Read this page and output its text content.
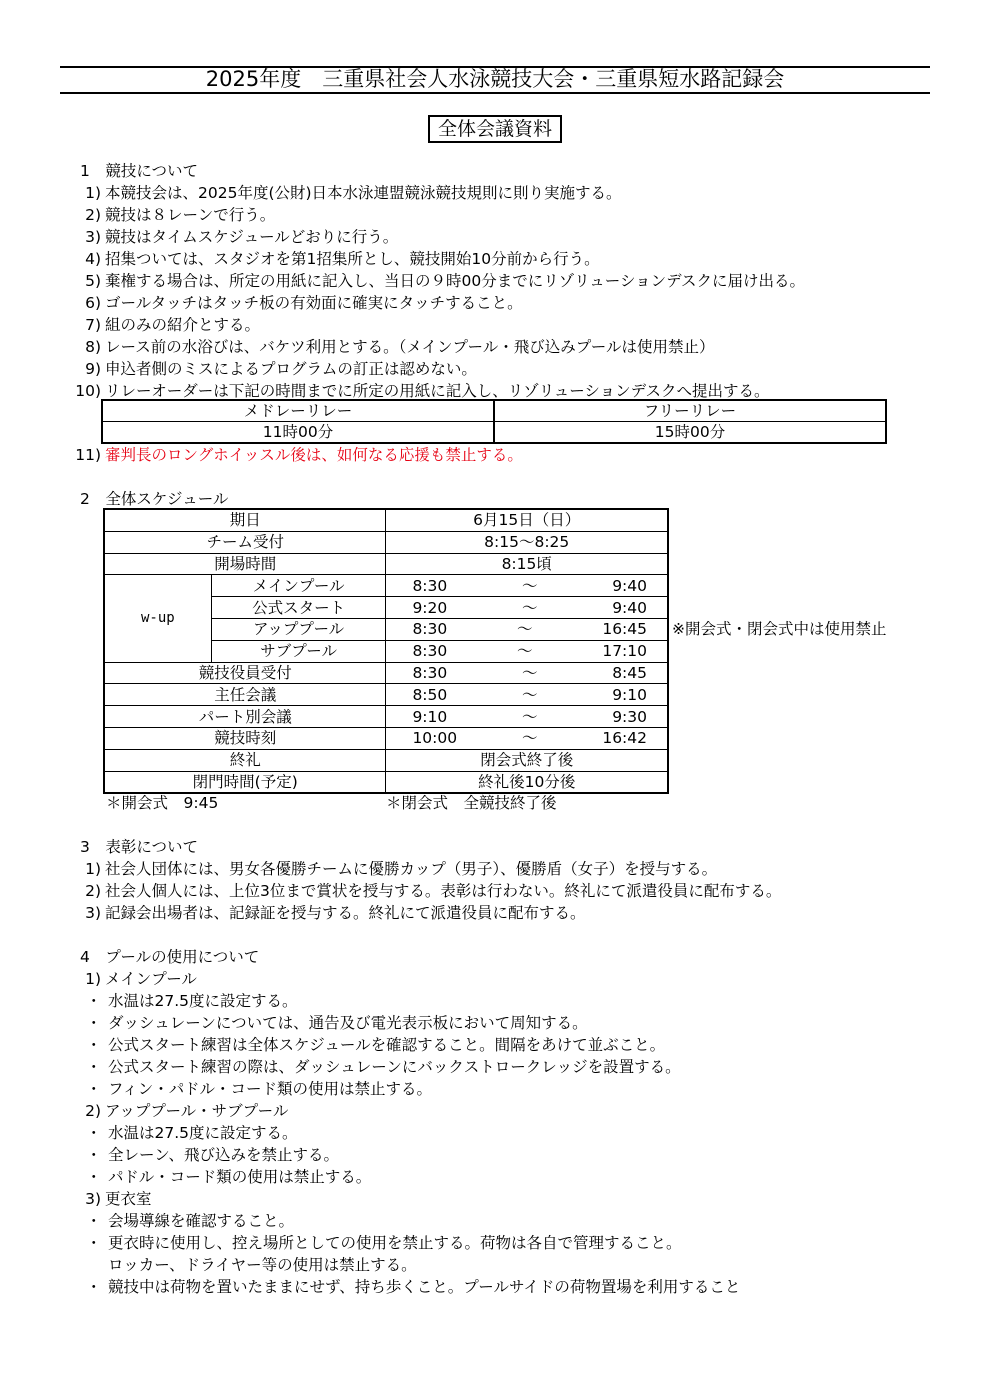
2025年度　三重県社会人水泳競技大会・三重県短水路記録会
全体会議資料
1　競技について
1) 本競技会は、2025年度(公財)日本水泳連盟競泳競技規則に則り実施する。
2) 競技は８レーンで行う。
3) 競技はタイムスケジュールどおりに行う。
4) 招集ついては、スタジオを第1招集所とし、競技開始10分前から行う。
5) 棄権する場合は、所定の用紙に記入し、当日の９時00分までにリゾリューションデスクに届け出る。
6) ゴールタッチはタッチ板の有効面に確実にタッチすること。
7) 組のみの紹介とする。
8) レース前の水浴びは、バケツ利用とする。（メインプール・飛び込みプールは使用禁止）
9) 申込者側のミスによるプログラムの訂正は認めない。
10) リレーオーダーは下記の時間までに所定の用紙に記入し、リゾリューションデスクへ提出する。
メドレーリレー	フリーリレー
11時00分	15時00分
11) 審判長のロングホイッスル後は、如何なる応援も禁止する。
2　全体スケジュール
期日		6月15日（日）
チーム受付		8:15～8:25
開場時間		8:15頃
w-up	メインプール	8:30 ～ 9:40

	公式スタート	9:20 ～ 9:40

	アッププール	8:30 ～ 16:45

	サブプール	8:30 ～ 17:10

競技役員受付		8:30 ～ 8:45

主任会議		8:50 ～ 9:10

パート別会議		9:10 ～ 9:30

競技時刻		10:00 ～ 16:42

終礼		閉会式終了後
閉門時間(予定)		終礼後10分後
※開会式・閉会式中は使用禁止
＊開会式　9:45	＊閉会式　全競技終了後
3　表彰について
1) 社会人団体には、男女各優勝チームに優勝カップ（男子）、優勝盾（女子）を授与する。
2) 社会人個人には、上位3位まで賞状を授与する。表彰は行わない。終礼にて派遣役員に配布する。
3) 記録会出場者は、記録証を授与する。終礼にて派遣役員に配布する。
4　プールの使用について
1) メインプール
・ 水温は27.5度に設定する。
・ ダッシュレーンについては、通告及び電光表示板において周知する。
・ 公式スタート練習は全体スケジュールを確認すること。間隔をあけて並ぶこと。
・ 公式スタート練習の際は、ダッシュレーンにバックストロークレッジを設置する。
・ フィン・パドル・コード類の使用は禁止する。
2) アッププール・サブプール
・ 水温は27.5度に設定する。
・ 全レーン、飛び込みを禁止する。
・ パドル・コード類の使用は禁止する。
3) 更衣室
・ 会場導線を確認すること。
・ 更衣時に使用し、控え場所としての使用を禁止する。荷物は各自で管理すること。
ロッカー、ドライヤー等の使用は禁止する。
・ 競技中は荷物を置いたままにせず、持ち歩くこと。プールサイドの荷物置場を利用すること
